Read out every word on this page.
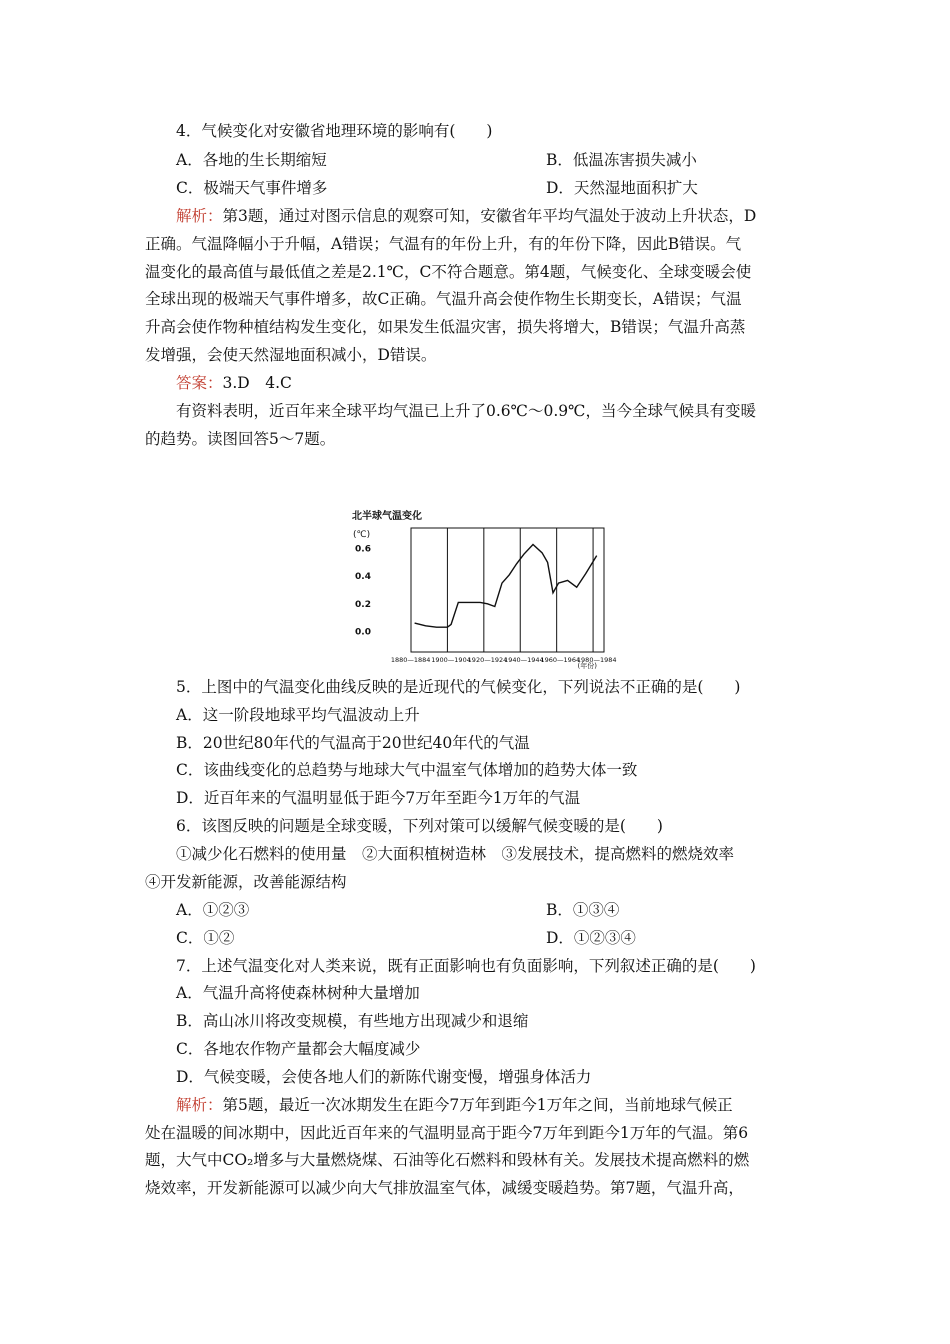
4．气候变化对安徽省地理环境的影响有(　　)
A．各地的生长期缩短	B．低温冻害损失减小
C．极端天气事件增多	D．天然湿地面积扩大
解析：第3题，通过对图示信息的观察可知，安徽省年平均气温处于波动上升状态，D
正确。气温降幅小于升幅，A错误；气温有的年份上升，有的年份下降，因此B错误。气
温变化的最高值与最低值之差是2.1℃，C不符合题意。第4题，气候变化、全球变暖会使
全球出现的极端天气事件增多，故C正确。气温升高会使作物生长期变长，A错误；气温
升高会使作物种植结构发生变化，如果发生低温灾害，损失将增大，B错误；气温升高蒸
发增强，会使天然湿地面积减小，D错误。
答案：3.D　4.C
有资料表明，近百年来全球平均气温已上升了0.6℃～0.9℃，当今全球气候具有变暖
的趋势。读图回答5～7题。
北半球气温变化
(℃)
(年份)
0.0
0.2
0.4
0.6
1880—1884 1900—1904
1920—1924
1940—1944
1960—1964
1980—1984
5．上图中的气温变化曲线反映的是近现代的气候变化，下列说法不正确的是(　　)
A．这一阶段地球平均气温波动上升
B．20世纪80年代的气温高于20世纪40年代的气温
C．该曲线变化的总趋势与地球大气中温室气体增加的趋势大体一致
D．近百年来的气温明显低于距今7万年至距今1万年的气温
6．该图反映的问题是全球变暖，下列对策可以缓解气候变暖的是(　　)
①减少化石燃料的使用量　②大面积植树造林　③发展技术，提高燃料的燃烧效率
④开发新能源，改善能源结构
A．①②③	B．①③④
C．①②	D．①②③④
7．上述气温变化对人类来说，既有正面影响也有负面影响，下列叙述正确的是(　　)
A．气温升高将使森林树种大量增加
B．高山冰川将改变规模，有些地方出现减少和退缩
C．各地农作物产量都会大幅度减少
D．气候变暖，会使各地人们的新陈代谢变慢，增强身体活力
解析：第5题，最近一次冰期发生在距今7万年到距今1万年之间，当前地球气候正
处在温暖的间冰期中，因此近百年来的气温明显高于距今7万年到距今1万年的气温。第6
题，大气中CO₂增多与大量燃烧煤、石油等化石燃料和毁林有关。发展技术提高燃料的燃
烧效率，开发新能源可以减少向大气排放温室气体，减缓变暖趋势。第7题，气温升高，
